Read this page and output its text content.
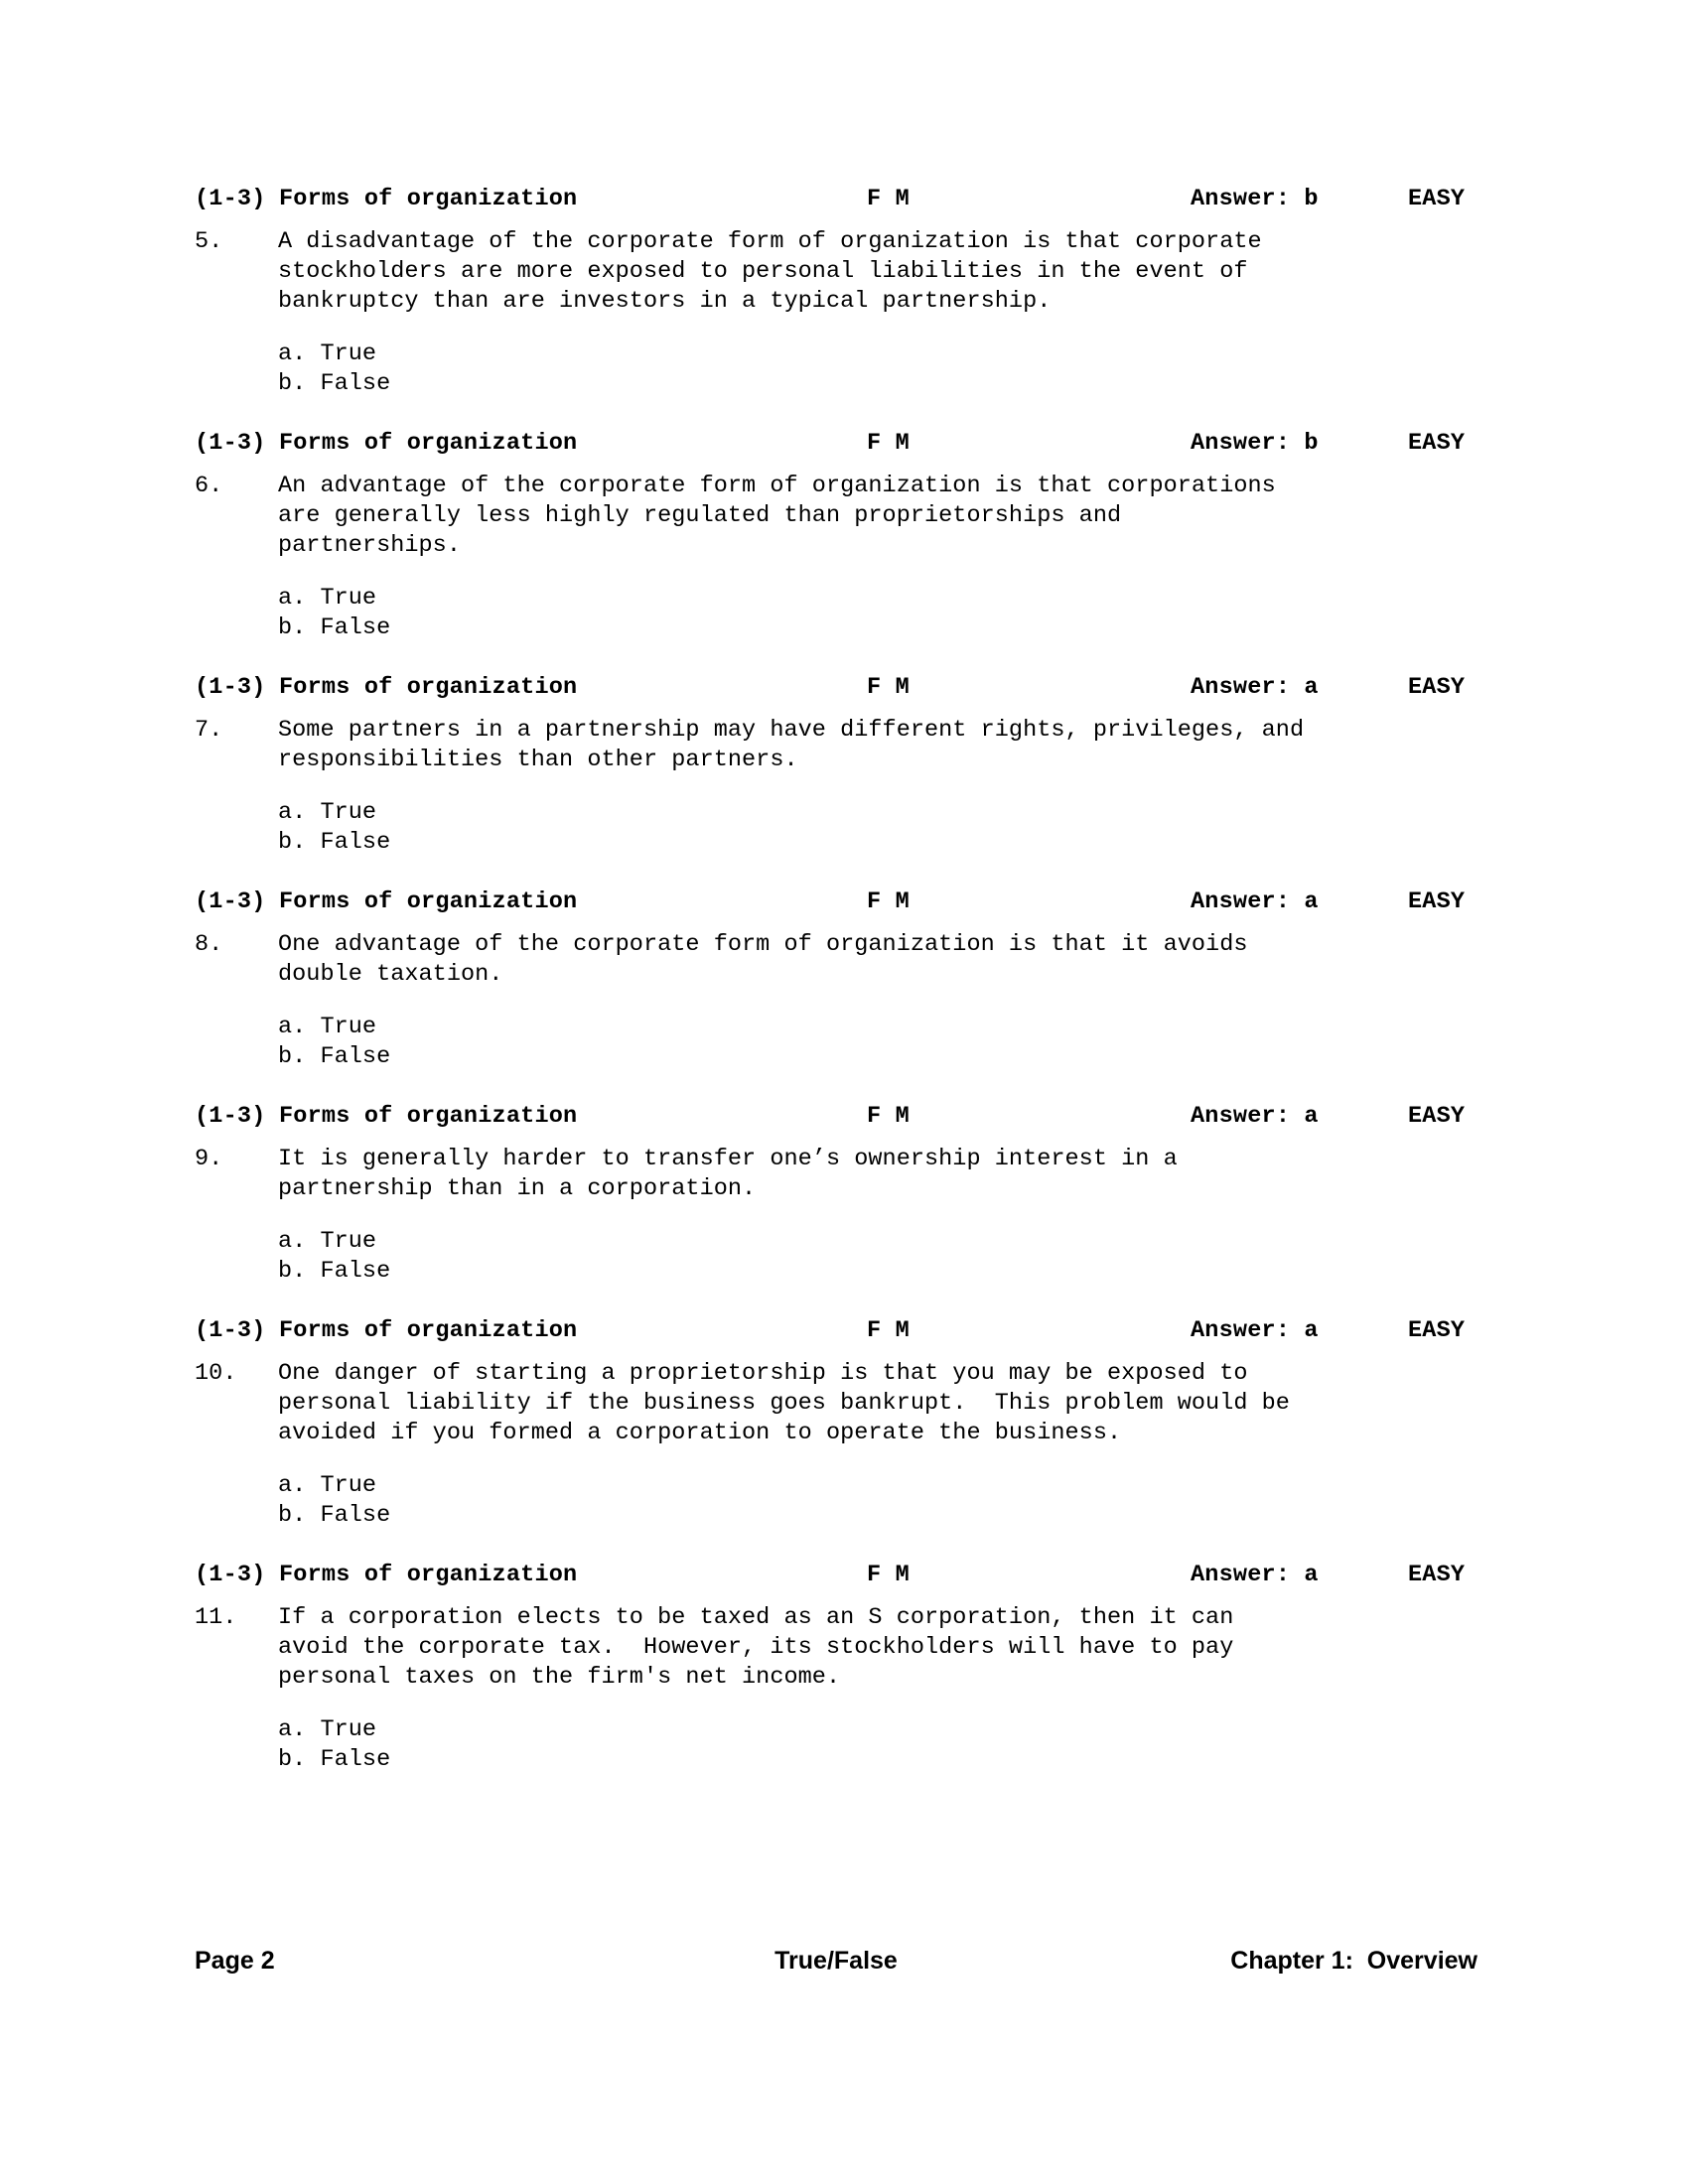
(1-3) Forms of organization	F M	Answer: b	EASY
5.	A disadvantage of the corporate form of organization is that corporate
stockholders are more exposed to personal liabilities in the event of
bankruptcy than are investors in a typical partnership.
a. True
b. False
(1-3) Forms of organization	F M	Answer: b	EASY
6.	An advantage of the corporate form of organization is that corporations
are generally less highly regulated than proprietorships and
partnerships.
a. True
b. False
(1-3) Forms of organization	F M	Answer: a	EASY
7.	Some partners in a partnership may have different rights, privileges, and
responsibilities than other partners.
a. True
b. False
(1-3) Forms of organization	F M	Answer: a	EASY
8.	One advantage of the corporate form of organization is that it avoids
double taxation.
a. True
b. False
(1-3) Forms of organization	F M	Answer: a	EASY
9.	It is generally harder to transfer one’s ownership interest in a
partnership than in a corporation.
a. True
b. False
(1-3) Forms of organization	F M	Answer: a	EASY
10.	One danger of starting a proprietorship is that you may be exposed to
personal liability if the business goes bankrupt.  This problem would be
avoided if you formed a corporation to operate the business.
a. True
b. False
(1-3) Forms of organization	F M	Answer: a	EASY
11.	If a corporation elects to be taxed as an S corporation, then it can
avoid the corporate tax.  However, its stockholders will have to pay
personal taxes on the firm's net income.
a. True
b. False
Page 2	True/False	Chapter 1:  Overview
